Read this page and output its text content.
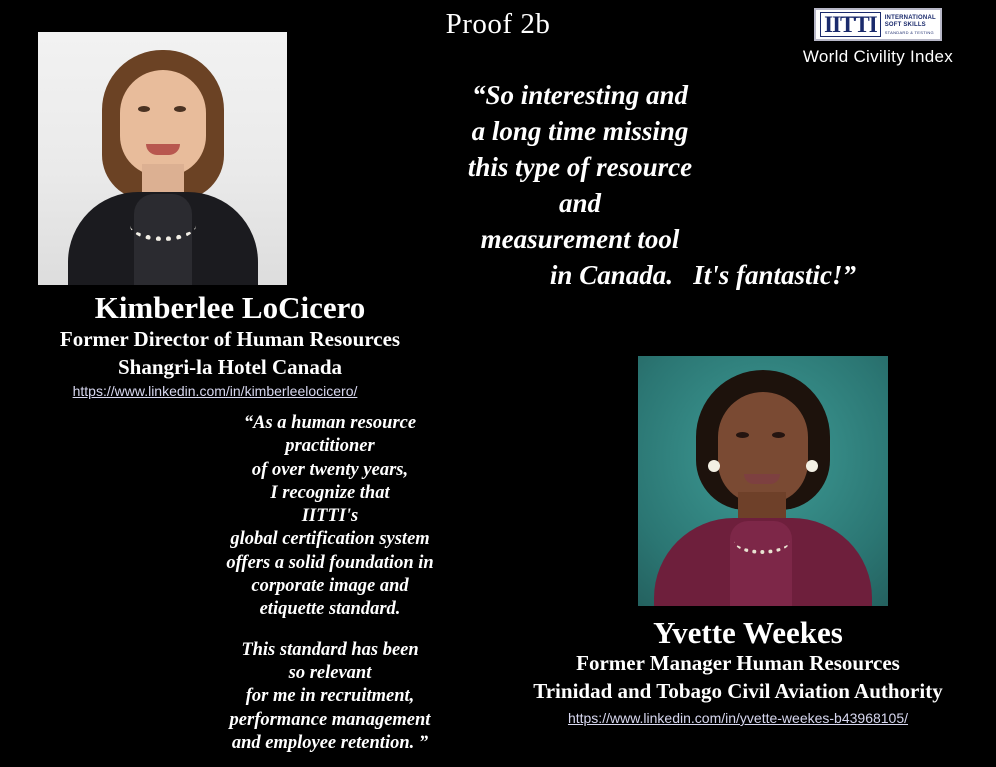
Proof 2b	IITTI	INTERNATIONAL
SOFT SKILLS
STANDARD & TESTING
World Civility Index
“So interesting and
a long time missing
this type of resource
and
measurement tool
in Canada.   It's fantastic!”
Kimberlee LoCicero
Former Director of Human Resources
Shangri-la Hotel Canada
https://www.linkedin.com/in/kimberleelocicero/
“As a human resource
practitioner
of over twenty years,
I recognize that
IITTI's
global certification system
offers a solid foundation in
corporate image and
etiquette standard.
This standard has been
so relevant
for me in recruitment,
performance management
and employee retention. ”
Yvette Weekes
Former Manager Human Resources
Trinidad and Tobago Civil Aviation Authority
https://www.linkedin.com/in/yvette-weekes-b43968105/
